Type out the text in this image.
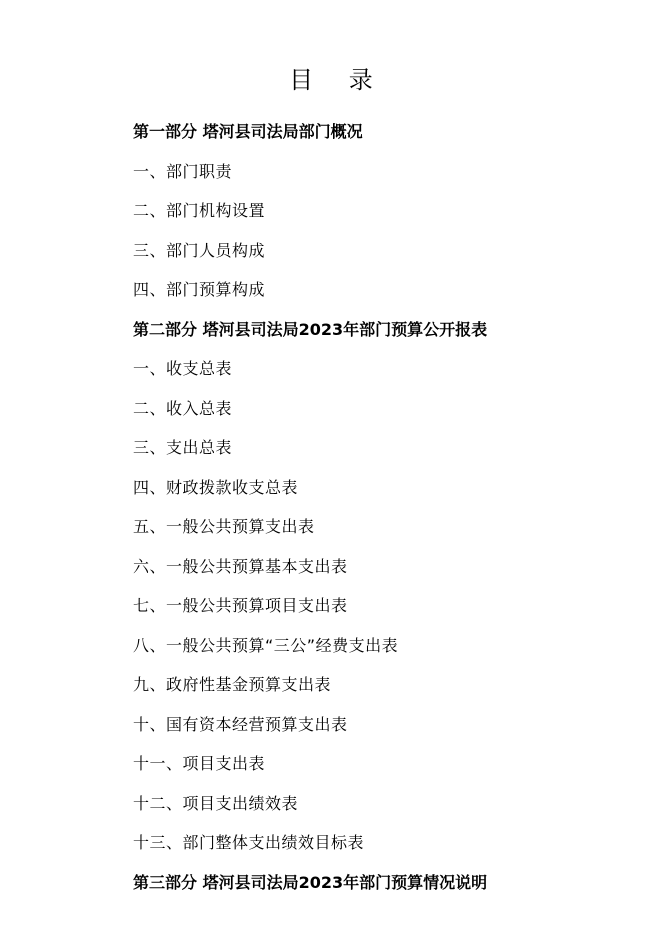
目 录
第一部分 塔河县司法局部门概况
一、部门职责
二、部门机构设置
三、部门人员构成
四、部门预算构成
第二部分 塔河县司法局2023年部门预算公开报表
一、收支总表
二、收入总表
三、支出总表
四、财政拨款收支总表
五、一般公共预算支出表
六、一般公共预算基本支出表
七、一般公共预算项目支出表
八、一般公共预算“三公”经费支出表
九、政府性基金预算支出表
十、国有资本经营预算支出表
十一、项目支出表
十二、项目支出绩效表
十三、部门整体支出绩效目标表
第三部分 塔河县司法局2023年部门预算情况说明
